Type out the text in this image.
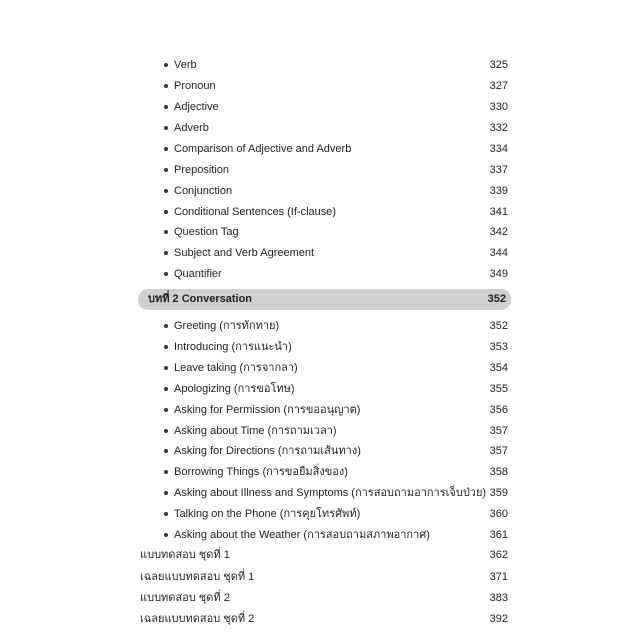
Verb	325
Pronoun	327
Adjective	330
Adverb	332
Comparison of Adjective and Adverb	334
Preposition	337
Conjunction	339
Conditional Sentences (If-clause)	341
Question Tag	342
Subject and Verb Agreement	344
Quantifier	349
บทที่ 2 Conversation	352
Greeting (การทักทาย)	352
Introducing (การแนะนำ)	353
Leave taking (การจากลา)	354
Apologizing (การขอโทษ)	355
Asking for Permission (การขออนุญาต)	356
Asking about Time (การถามเวลา)	357
Asking for Directions (การถามเส้นทาง)	357
Borrowing Things (การขอยืมสิ่งของ)	358
Asking about Illness and Symptoms (การสอบถามอาการเจ็บป่วย) 359
Talking on the Phone (การคุยโทรศัพท์)	360
Asking about the Weather (การสอบถามสภาพอากาศ)	361
แบบทดสอบ ชุดที่ 1	362
เฉลยแบบทดสอบ ชุดที่ 1	371
แบบทดสอบ ชุดที่ 2	383
เฉลยแบบทดสอบ ชุดที่ 2	392
